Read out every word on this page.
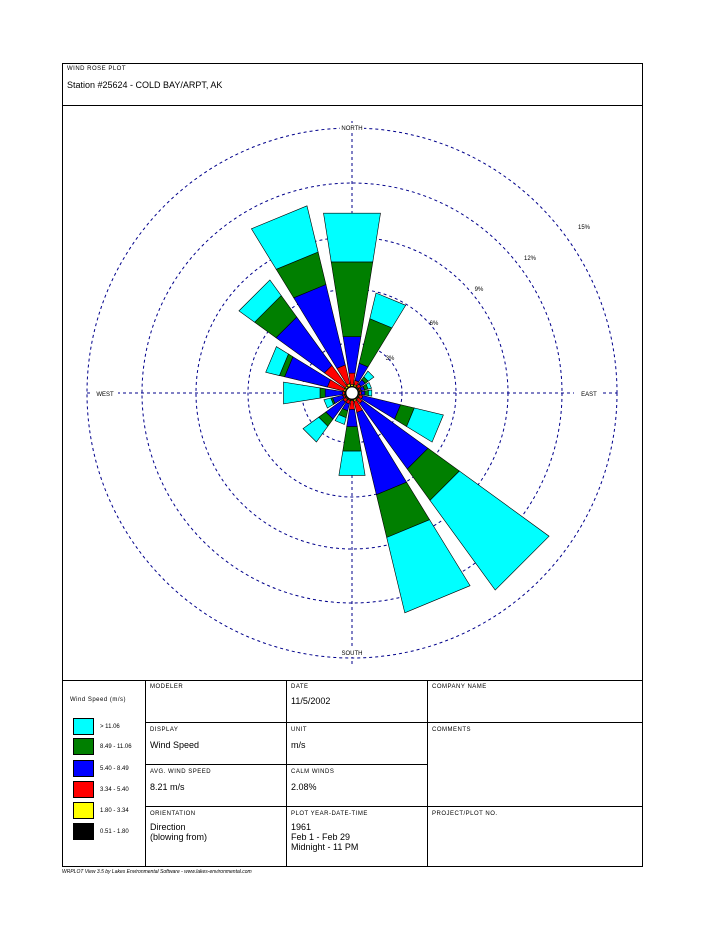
WIND ROSE PLOT
Station #25624 - COLD BAY/ARPT, AK
NORTH
SOUTH
EAST
WEST
3%
6%
9%
12%
15%
Wind Speed (m/s)
> 11.06
8.49 - 11.06
5.40 - 8.49
3.34 - 5.40
1.80 - 3.34
0.51 - 1.80
MODELER	DATE
11/5/2002
COMPANY NAME
DISPLAY
Wind Speed
UNIT
m/s
COMMENTS
AVG. WIND SPEED
8.21 m/s
CALM WINDS
2.08%
ORIENTATION
Direction
(blowing from)
PLOT YEAR-DATE-TIME
1961
Feb 1 - Feb 29
Midnight - 11 PM
PROJECT/PLOT NO.
WRPLOT View 3.5 by Lakes Environmental Software - www.lakes-environmental.com
